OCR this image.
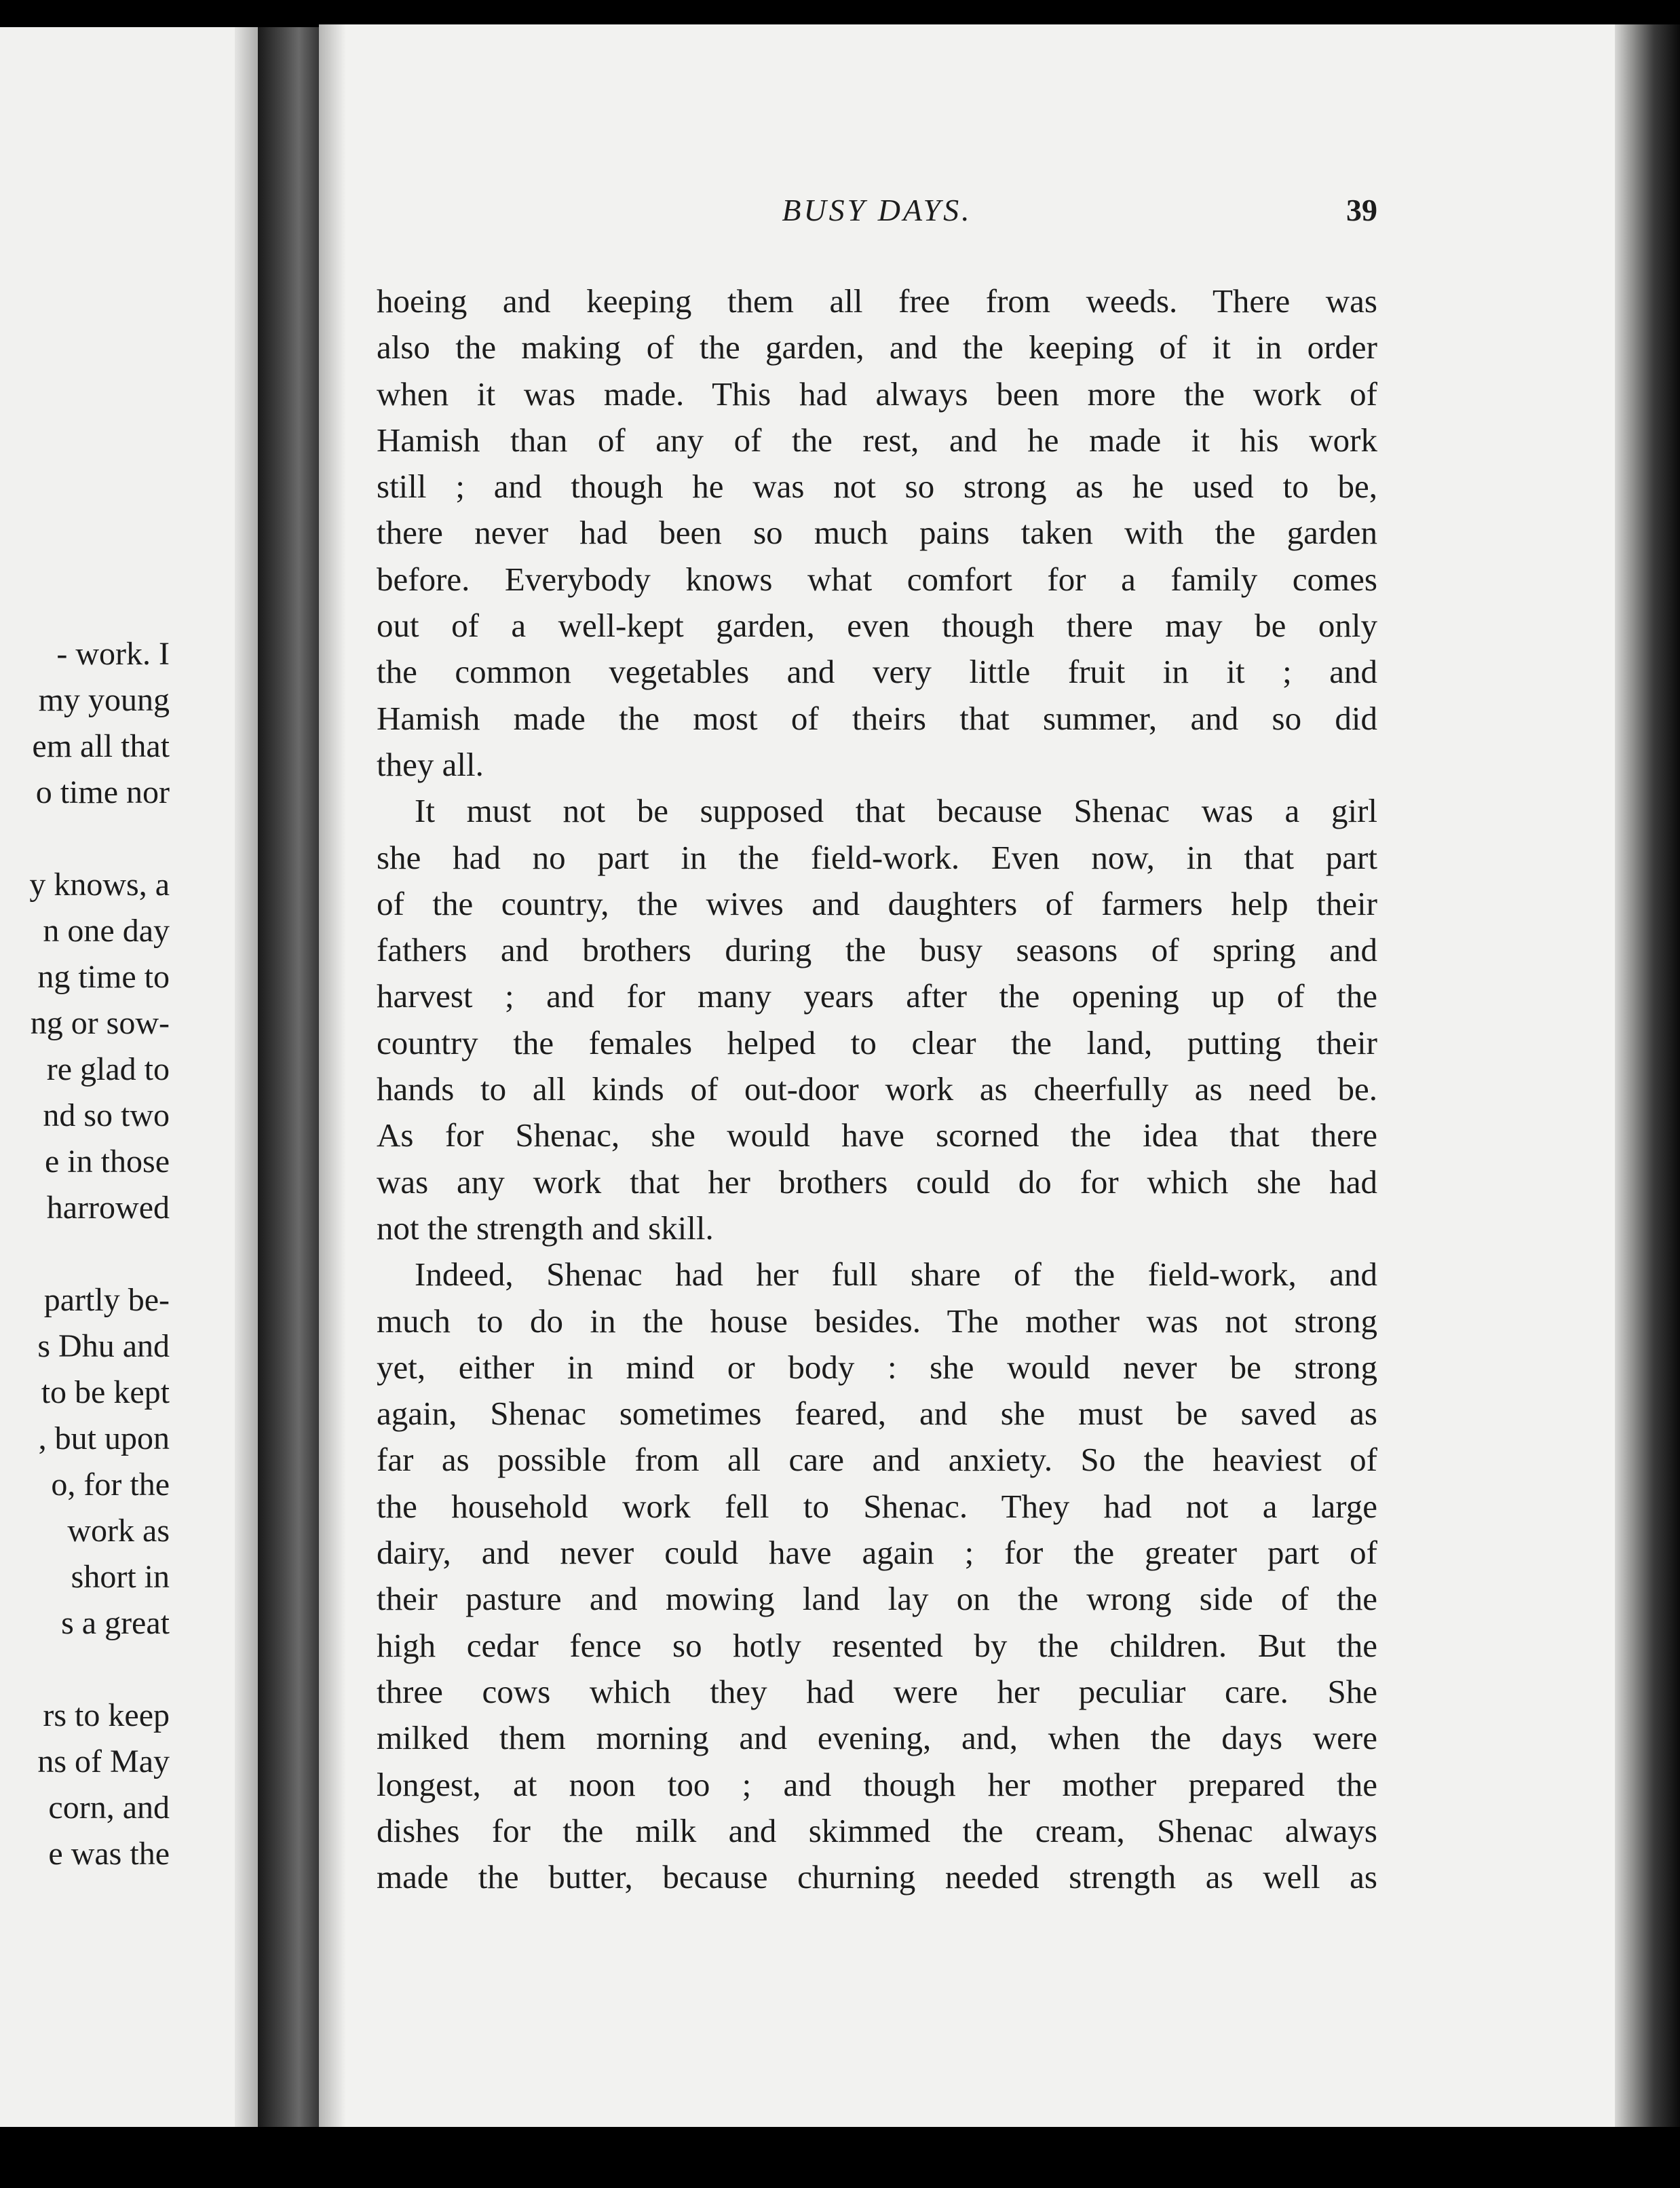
- work. I
my young
em all that
o time nor
y knows, a
n one day
ng time to
ng or sow-
re glad to
nd so two
e in those
harrowed
partly be-
s Dhu and
to be kept
, but upon
o, for the
work as
short in
s a great
rs to keep
ns of May
corn, and
e was the
BUSY DAYS.	39
hoeing and keeping them all free from weeds. There was
also the making of the garden, and the keeping of it in order
when it was made. This had always been more the work of
Hamish than of any of the rest, and he made it his work
still ; and though he was not so strong as he used to be,
there never had been so much pains taken with the garden
before. Everybody knows what comfort for a family comes
out of a well-kept garden, even though there may be only
the common vegetables and very little fruit in it ; and
Hamish made the most of theirs that summer, and so did
they all.
It must not be supposed that because Shenac was a girl
she had no part in the field-work. Even now, in that part
of the country, the wives and daughters of farmers help their
fathers and brothers during the busy seasons of spring and
harvest ; and for many years after the opening up of the
country the females helped to clear the land, putting their
hands to all kinds of out-door work as cheerfully as need be.
As for Shenac, she would have scorned the idea that there
was any work that her brothers could do for which she had
not the strength and skill.
Indeed, Shenac had her full share of the field-work, and
much to do in the house besides. The mother was not strong
yet, either in mind or body : she would never be strong
again, Shenac sometimes feared, and she must be saved as
far as possible from all care and anxiety. So the heaviest of
the household work fell to Shenac. They had not a large
dairy, and never could have again ; for the greater part of
their pasture and mowing land lay on the wrong side of the
high cedar fence so hotly resented by the children. But the
three cows which they had were her peculiar care. She
milked them morning and evening, and, when the days were
longest, at noon too ; and though her mother prepared the
dishes for the milk and skimmed the cream, Shenac always
made the butter, because churning needed strength as well as
